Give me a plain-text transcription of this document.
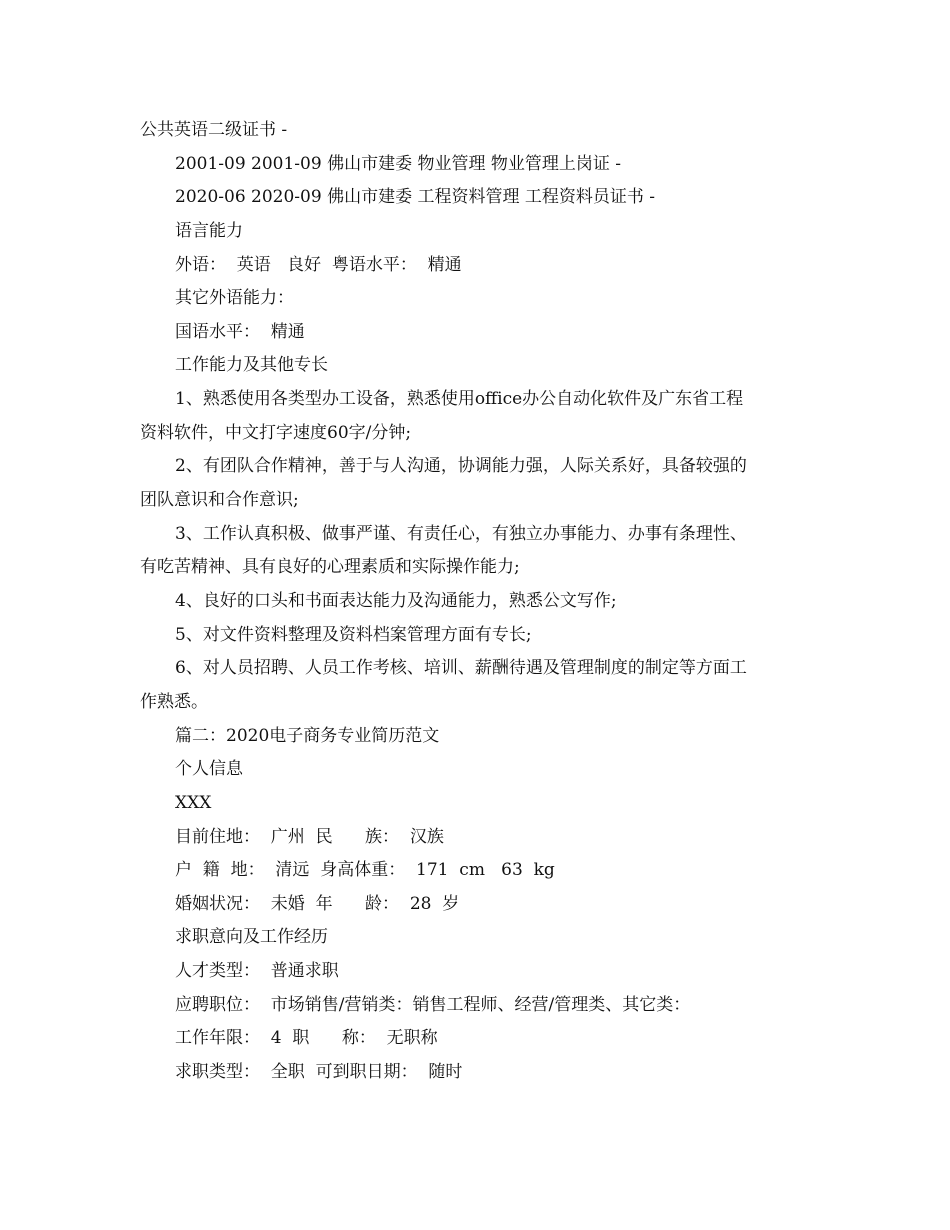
公共英语二级证书 -
2001-09 2001-09 佛山市建委 物业管理 物业管理上岗证 -
2020-06 2020-09 佛山市建委 工程资料管理 工程资料员证书 -
语言能力
外语：  英语   良好  粤语水平：  精通
其它外语能力：
国语水平：  精通
工作能力及其他专长
1、熟悉使用各类型办工设备，熟悉使用office办公自动化软件及广东省工程
资料软件，中文打字速度60字/分钟;
2、有团队合作精神，善于与人沟通，协调能力强，人际关系好，具备较强的
团队意识和合作意识;
3、工作认真积极、做事严谨、有责任心，有独立办事能力、办事有条理性、
有吃苦精神、具有良好的心理素质和实际操作能力;
4、良好的口头和书面表达能力及沟通能力，熟悉公文写作;
5、对文件资料整理及资料档案管理方面有专长;
6、对人员招聘、人员工作考核、培训、薪酬待遇及管理制度的制定等方面工
作熟悉。
篇二：2020电子商务专业简历范文
个人信息
XXX
目前住地：  广州  民      族：  汉族
户  籍  地：  清远  身高体重：  171  cm   63  kg
婚姻状况：  未婚  年      龄：  28  岁
求职意向及工作经历
人才类型：  普通求职
应聘职位：  市场销售/营销类：销售工程师、经营/管理类、其它类：
工作年限：  4  职      称：  无职称
求职类型：  全职  可到职日期：  随时
